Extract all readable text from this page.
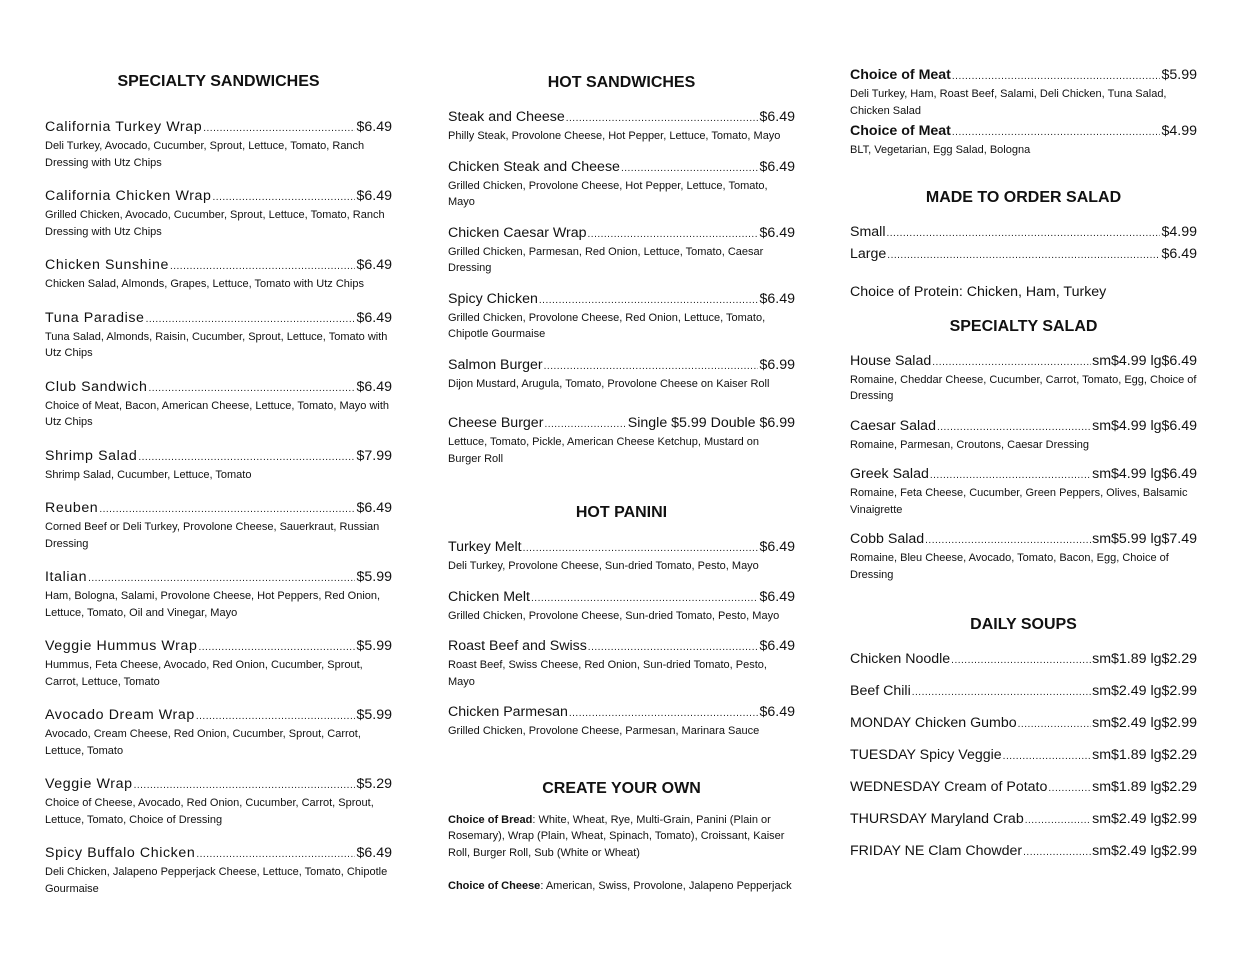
SPECIALTY SANDWICHES
California Turkey Wrap .....	$6.49
Deli Turkey, Avocado, Cucumber, Sprout, Lettuce, Tomato, Ranch Dressing with Utz Chips
California Chicken Wrap .....	$6.49
Grilled Chicken, Avocado, Cucumber, Sprout, Lettuce, Tomato, Ranch Dressing with Utz Chips
Chicken Sunshine .....	$6.49
Chicken Salad, Almonds, Grapes, Lettuce, Tomato with Utz Chips
Tuna Paradise .....	$6.49
Tuna Salad, Almonds, Raisin, Cucumber, Sprout, Lettuce, Tomato with Utz Chips
Club Sandwich .....	$6.49
Choice of Meat, Bacon, American Cheese, Lettuce, Tomato, Mayo with Utz Chips
Shrimp Salad .....	$7.99
Shrimp Salad, Cucumber, Lettuce, Tomato
Reuben .....	$6.49
Corned Beef or Deli Turkey, Provolone Cheese, Sauerkraut, Russian Dressing
Italian .....	$5.99
Ham, Bologna, Salami, Provolone Cheese, Hot Peppers, Red Onion, Lettuce, Tomato, Oil and Vinegar, Mayo
Veggie Hummus Wrap .....	$5.99
Hummus, Feta Cheese, Avocado, Red Onion, Cucumber, Sprout, Carrot, Lettuce, Tomato
Avocado Dream Wrap .....	$5.99
Avocado, Cream Cheese, Red Onion, Cucumber, Sprout, Carrot, Lettuce, Tomato
Veggie Wrap .....	$5.29
Choice of Cheese, Avocado, Red Onion, Cucumber, Carrot, Sprout, Lettuce, Tomato, Choice of Dressing
Spicy Buffalo Chicken .....	$6.49
Deli Chicken, Jalapeno Pepperjack Cheese, Lettuce, Tomato, Chipotle Gourmaise
HOT SANDWICHES
Steak and Cheese .....	$6.49
Philly Steak, Provolone Cheese, Hot Pepper, Lettuce, Tomato, Mayo
Chicken Steak and Cheese .....	$6.49
Grilled Chicken, Provolone Cheese, Hot Pepper, Lettuce, Tomato, Mayo
Chicken Caesar Wrap .....	$6.49
Grilled Chicken, Parmesan, Red Onion, Lettuce, Tomato, Caesar Dressing
Spicy Chicken .....	$6.49
Grilled Chicken, Provolone Cheese, Red Onion, Lettuce, Tomato, Chipotle Gourmaise
Salmon Burger .....	$6.99
Dijon Mustard, Arugula, Tomato, Provolone Cheese on Kaiser Roll
Cheese Burger .....	Single $5.99 Double $6.99
Lettuce, Tomato, Pickle, American Cheese Ketchup, Mustard on Burger Roll
HOT PANINI
Turkey Melt .....	$6.49
Deli Turkey, Provolone Cheese, Sun-dried Tomato, Pesto, Mayo
Chicken Melt .....	$6.49
Grilled Chicken, Provolone Cheese, Sun-dried Tomato, Pesto, Mayo
Roast Beef and Swiss .....	$6.49
Roast Beef, Swiss Cheese, Red Onion, Sun-dried Tomato, Pesto, Mayo
Chicken Parmesan .....	$6.49
Grilled Chicken, Provolone Cheese, Parmesan, Marinara Sauce
CREATE YOUR OWN
Choice of Bread: White, Wheat, Rye, Multi-Grain, Panini (Plain or Rosemary), Wrap (Plain, Wheat, Spinach, Tomato), Croissant, Kaiser Roll, Burger Roll, Sub (White or Wheat)
Choice of Cheese: American, Swiss, Provolone, Jalapeno Pepperjack
Choice of Meat .....	$5.99
Deli Turkey, Ham, Roast Beef, Salami, Deli Chicken, Tuna Salad, Chicken Salad
Choice of Meat .....	$4.99
BLT, Vegetarian, Egg Salad, Bologna
MADE TO ORDER SALAD
Small .....	$4.99
Large .....	$6.49
Choice of Protein: Chicken, Ham, Turkey
SPECIALTY SALAD
House Salad .....	sm$4.99 lg$6.49
Romaine, Cheddar Cheese, Cucumber, Carrot, Tomato, Egg, Choice of Dressing
Caesar Salad .....	sm$4.99 lg$6.49
Romaine, Parmesan, Croutons, Caesar Dressing
Greek Salad .....	sm$4.99 lg$6.49
Romaine, Feta Cheese, Cucumber, Green Peppers, Olives, Balsamic Vinaigrette
Cobb Salad .....	sm$5.99 lg$7.49
Romaine, Bleu Cheese, Avocado, Tomato, Bacon, Egg, Choice of Dressing
DAILY SOUPS
Chicken Noodle .....	sm$1.89 lg$2.29
Beef Chili .....	sm$2.49 lg$2.99
MONDAY Chicken Gumbo .....	sm$2.49 lg$2.99
TUESDAY Spicy Veggie .....	sm$1.89 lg$2.29
WEDNESDAY Cream of Potato .....	sm$1.89 lg$2.29
THURSDAY Maryland Crab .....	sm$2.49 lg$2.99
FRIDAY NE Clam Chowder .....	sm$2.49 lg$2.99
